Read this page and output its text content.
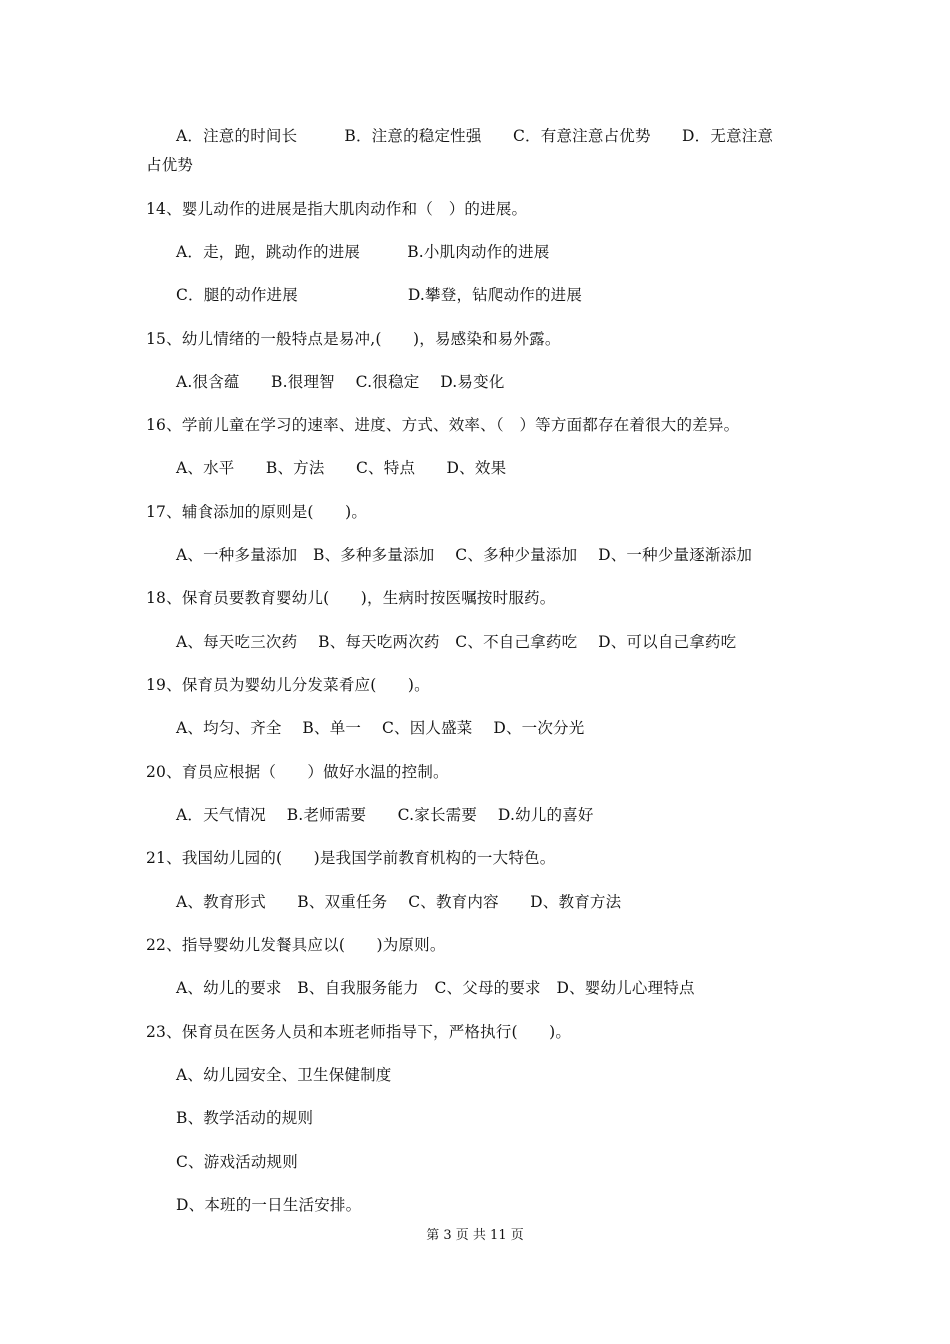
A．注意的时间长　　　B．注意的稳定性强　　C．有意注意占优势　　D．无意注意
占优势
14、婴儿动作的进展是指大肌肉动作和（　）的进展。
A．走，跑，跳动作的进展　　　B.小肌肉动作的进展
C．腿的动作进展　　　　　　　D.攀登，钻爬动作的进展
15、幼儿情绪的一般特点是易冲,(　　)，易感染和易外露。
A.很含蕴　　B.很理智　 C.很稳定　 D.易变化
16、学前儿童在学习的速率、进度、方式、效率、（　）等方面都存在着很大的差异。
A、水平　　B、方法　　C、特点　　D、效果
17、辅食添加的原则是(　　)。
A、一种多量添加　B、多种多量添加　 C、多种少量添加　 D、一种少量逐渐添加
18、保育员要教育婴幼儿(　　)，生病时按医嘱按时服药。
A、每天吃三次药　 B、每天吃两次药　C、不自己拿药吃　 D、可以自己拿药吃
19、保育员为婴幼儿分发菜肴应(　　)。
A、均匀、齐全　 B、单一　 C、因人盛菜　 D、一次分光
20、育员应根据（　　）做好水温的控制。
A．天气情况　 B.老师需要　　C.家长需要　 D.幼儿的喜好
21、我国幼儿园的(　　)是我国学前教育机构的一大特色。
A、教育形式　　B、双重任务　 C、教育内容　　D、教育方法
22、指导婴幼儿发餐具应以(　　)为原则。
A、幼儿的要求　B、自我服务能力　C、父母的要求　D、婴幼儿心理特点
23、保育员在医务人员和本班老师指导下，严格执行(　　)。
A、幼儿园安全、卫生保健制度
B、教学活动的规则
C、游戏活动规则
D、本班的一日生活安排。
第 3 页 共 11 页
